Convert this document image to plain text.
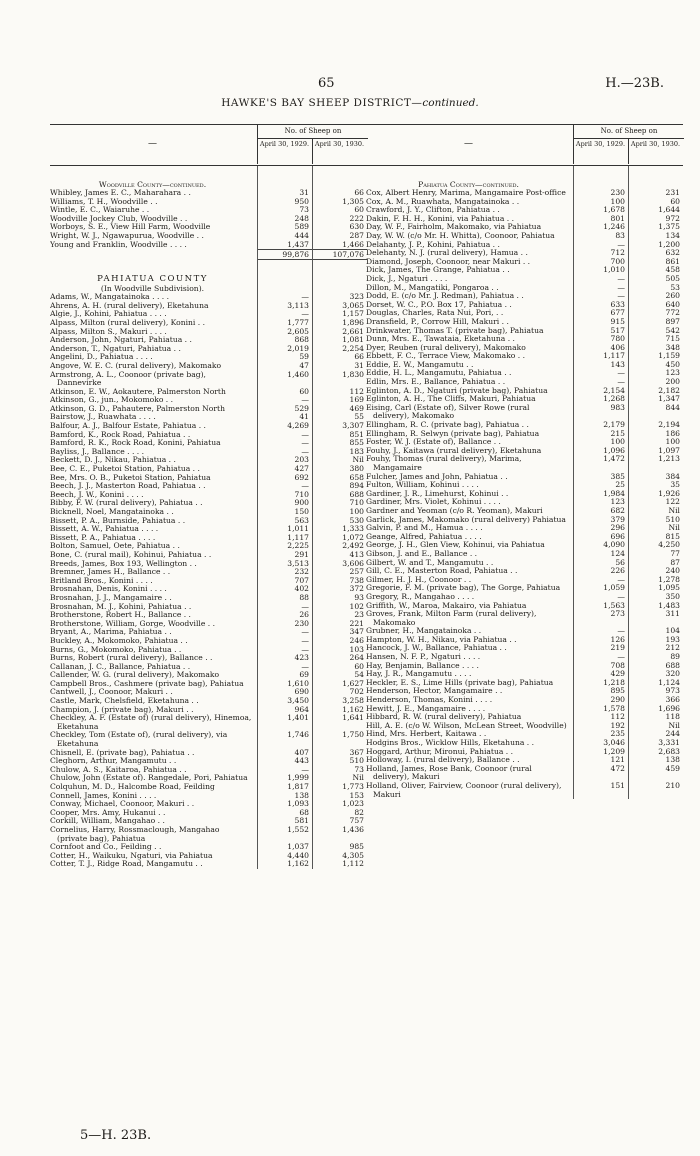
65	H.—23B.
HAWKE'S BAY SHEEP DISTRICT—continued.
—
No. of Sheep on
April 30, 1929. April 30, 1930.
Woodville County—continued.
Whibley, James E. C., Maharahara . .	31	66
Williams, T. H., Woodville . .	950	1,305
Wintle, E. C., Waiaruhe . .	73	60
Woodville Jockey Club, Woodville . .	248	222
Worboys, S. E., View Hill Farm, Woodville	589	630
Wright, W. J., Ngawapurua, Woodville . .	444	287
Young and Franklin, Woodville . . . .	1,437	1,466
99,876	107,076
PAHIATUA COUNTY
(In Woodville Subdivision).
Adams, W., Mangatainoka . . . .	—	323
Ahrens, A. H. (rural delivery), Eketahuna	3,113	3,065
Algie, J., Kohini, Pahiatua . . . .	—	1,157
Alpass, Milton (rural delivery), Konini . .	1,777	1,896
Alpass, Milton S., Makuri . . . .	2,605	2,661
Anderson, John, Ngaturi, Pahiatua . .	868	1,081
Anderson, T., Ngaturi, Pahiatua . .	2,019	2,254
Angelini, D., Pahiatua . . . .	59	66
Angove, W. E. C. (rural delivery), Makomako	47	31
Armstrong, A. L., Coonoor (private bag), Dannevirke
1,460	1,830
Atkinson, E. W., Aokautere, Palmerston North	60	112
Atkinson, G., jun., Mokomoko . .	—	169
Atkinson, G. D., Pahautere, Palmerston North	529	469
Bairstow, J., Ruawhata . . . .	41	55
Balfour, A. J., Balfour Estate, Pahiatua . .	4,269	3,307
Bamford, K., Rock Road, Pahiatua . .	—	851
Bamford, R. K., Rock Road, Konini, Pahiatua	—	855
Bayliss, J., Ballance . . . .	—	183
Beckett, D. J., Nikau, Pahiatua . .	203	Nil
Bee, C. E., Puketoi Station, Pahiatua . .	427	380
Bee, Mrs. O. B., Puketoi Station, Pahiatua	692	658
Beech, J. J., Masterton Road, Pahiatua . .	—	894
Beech, J. W., Konini . . . .	710	688
Bibby, F. W. (rural delivery), Pahiatua . .	900	710
Bicknell, Noel, Mangatainoka . .	150	100
Bissett, P. A., Burnside, Pahiatua . .	563	530
Bissett, A. W., Pahiatua . . . .	1,011	1,333
Bissett, P. A., Pahiatua . . . .	1,117	1,072
Bolton, Samuel, Oete, Pahiatua . .	2,225	2,492
Bone, C. (rural mail), Kohinui, Pahiatua . .	291	413
Breeds, James, Box 193, Wellington . .	3,513	3,606
Bremner, James H., Ballance . .	232	257
Britland Bros., Konini . . . .	707	738
Brosnahan, Denis, Konini . . . .	402	372
Brosnahan, J. J., Mangamaire . .	88	93
Brosnahan, M. J., Kohini, Pahiatua . .	—	102
Brotherstone, Robert H., Ballance . .	26	23
Brotherstone, William, Gorge, Woodville . .	230	221
Bryant, A., Marima, Pahiatua . .	—	347
Buckley, A., Mokomoko, Pahiatua . .	—	246
Burns, G., Mokomoko, Pahiatua . .	—	103
Burns, Robert (rural delivery), Ballance . .	423	264
Callanan, J. C., Ballance, Pahiatua . .	—	60
Callender, W. G. (rural delivery), Makomako	69	54
Campbell Bros., Cashmere (private bag), Pahiatua	1,610	1,627
Cantwell, J., Coonoor, Makuri . .	690	702
Castle, Mark, Chelsfield, Eketahuna . .	3,450	3,258
Champion, J. (private bag), Makuri . .	964	1,162
Checkley, A. F. (Estate of) (rural delivery), Hinemoa, Eketahuna
1,401	1,641
Checkley, Tom (Estate of), (rural delivery), via Eketahuna
1,746	1,750
Chisnell, E. (private bag), Pahiatua . .	407	367
Cleghorn, Arthur, Mangamutu . .	443	510
Chulow, A. S., Kaitaroa, Pahiatua . .	—	73
Chulow, John (Estate of). Rangedale, Pori, Pahiatua	1,999	Nil
Colquhun, M. D., Halcombe Road, Feilding	1,817	1,773
Connell, James, Konini . . . .	138	153
Conway, Michael, Coonoor, Makuri . .	1,093	1,023
Cooper, Mrs. Amy, Hukanui . .	68	82
Corkill, William, Mangahao . .	581	757
Cornelius, Harry, Rossmaclough, Mangahao (private bag), Pahiatua
1,552	1,436
Cornfoot and Co., Feilding . .	1,037	985
Cotter, H., Waikuku, Ngaturi, via Pahiatua	4,440	4,305
Cotter, T. J., Ridge Road, Mangamutu . .	1,162	1,112
—
No. of Sheep on
April 30, 1929. April 30, 1930.
Pahiatua County—continued.
Cox, Albert Henry, Marima, Mangamaire Post-office	230	231
Cox, A. M., Ruawhata, Mangatainoka . .	100	60
Crawford, J. Y., Clifton, Pahiatua . .	1,678	1,644
Dakin, F. H. H., Konini, via Pahiatua . .	801	972
Day, W. F., Fairholm, Makomako, via Pahiatua	1,246	1,375
Day, W. W. (c/o Mr. H. Whitta), Coonoor, Pahiatua	83	134
Delahanty, J. P., Kohini, Pahiatua . .	—	1,200
Delehanty, N. J. (rural delivery), Hamua . .	712	632
Diamond, Joseph, Coonoor, near Makuri . .	700	861
Dick, James, The Grange, Pahiatua . .	1,010	458
Dick, J., Ngaturi . . . .	—	505
Dillon, M., Mangatiki, Pongaroa . .	—	53
Dodd, E. (c/o Mr. J. Redman), Pahiatua . .	—	260
Dorset, W. C., P.O. Box 17, Pahiatua . .	633	640
Douglas, Charles, Rata Nui, Pori, . .	677	772
Dransfield, P., Corrow Hill, Makuri . .	915	897
Drinkwater, Thomas T. (private bag), Pahiatua	517	542
Dunn, Mrs. E., Tawataia, Eketahuna . .	780	715
Dyer, Reuben (rural delivery), Makomako	406	348
Ebbett, F. C., Terrace View, Makomako . .	1,117	1,159
Eddie, E. W., Mangamutu . .	143	450
Eddie, H. L., Mangamutu, Pahiatua . .	—	123
Edlin, Mrs. E., Ballance, Pahiatua . .	—	200
Eglinton, A. D., Ngaturi (private bag), Pahiatua	2,154	2,182
Eglinton, A. H., The Cliffs, Makuri, Pahiatua	1,268	1,347
Eising, Carl (Estate of), Silver Rowe (rural delivery), Makomako
983	844
Ellingham, R. C. (private bag), Pahiatua . .	2,179	2,194
Ellingham, R. Selwyn (private bag), Pahiatua	215	186
Foster, W. J. (Estate of), Ballance . .	100	100
Fouhy, J., Kaitawa (rural delivery), Eketahuna	1,096	1,097
Fouhy, Thomas (rural delivery), Marima, Mangamaire
1,472	1,213
Fulcher, James and John, Pahiatua . .	385	384
Fulton, William, Kohinui . . . .	25	35
Gardiner, J. R., Limehurst, Kohinui . .	1,984	1,926
Gardiner, Mrs. Violet, Kohinui . . . .	123	122
Gardner and Yeoman (c/o R. Yeoman), Makuri	682	Nil
Garlick, James, Makomako (rural delivery) Pahiatua	379	510
Galvin, P. and M., Hamua . . . .	296	Nil
Geange, Alfred, Pahiatua . . . .	696	815
George, J. H., Glen View, Kohinui, via Pahiatua	4,090	4,250
Gibson, J. and E., Ballance . .	124	77
Gilbert, W. and T., Mangamutu . .	56	87
Gill, C. E., Masterton Road, Pahiatua . .	226	240
Gilmer, H. J. H., Coonoor . .	—	1,278
Gregorie, F. M. (private bag), The Gorge, Pahiatua	1,059	1,095
Gregory, R., Mangahao . . . .	—	350
Griffith, W., Maroa, Makairo, via Pahiatua	1,563	1,483
Groves, Frank, Milton Farm (rural delivery), Makomako
273	311
Grubner, H., Mangatainoka . .	—	104
Hampton, W. H., Nikau, via Pahiatua . .	126	193
Hancock, J. W., Ballance, Pahiatua . .	219	212
Hansen, N. F. P., Ngaturi . . . .	—	89
Hay, Benjamin, Ballance . . . .	708	688
Hay, J. R., Mangamutu . . . .	429	320
Heckler, E. S., Lime Hills (private bag), Pahiatua	1,218	1,124
Henderson, Hector, Mangamaire . .	895	973
Henderson, Thomas, Konini . . . .	290	366
Hewitt, J. E., Mangamaire . . . .	1,578	1,696
Hibbard, R. W. (rural delivery), Pahiatua	112	118
Hill, A. E. (c/o W. Wilson, McLean Street, Woodville)	192	Nil
Hind, Mrs. Herbert, Kaitawa . .	235	244
Hodgins Bros., Wicklow Hills, Eketahuna . .	3,046	3,331
Hoggard, Arthur, Mironui, Pahiatua . .	1,209	2,683
Holloway, I. (rural delivery), Ballance . .	121	138
Holland, James, Rose Bank, Coonoor (rural delivery), Makuri
472	459
Holland, Oliver, Fairview, Coonoor (rural delivery), Makuri
151	210
5—H. 23B.
